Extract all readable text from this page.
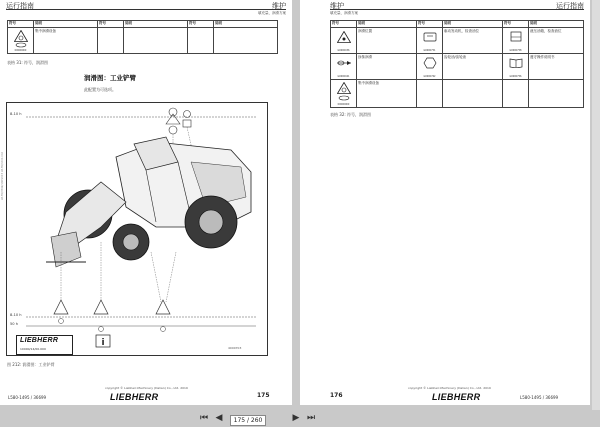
运行指南	维护
填充量、润滑方案
符号	说明	符号	说明	符号	说明

00000000	集中润滑设备				
表格 31: 符号，润滑图
润滑图：工业铲臂
此配置为可选项。
8-10 h
8-10 h
50 h
i
LIEBHERR
10000/14/00.000	4000703
图 212: 润滑图：工业铲臂
copyright © Liebherr-Machinery (Dalian) Co., Ltd. 2019
L580-1495 / 36699	LIEBHERR	175
LB-FR/3599/1/SE2015 LB-FR/3400-002
维护	运行指南
填充量、润滑方案
符号	说明	符号	说明	符号	说明

G0000036	润滑位置	G0000751	驱动发动机，检查油位	G0000758	液压油箱，检查油位

G0000041	涂抹润滑	G0000762	齿轮油/齿轮油	G0000756	遵守操作说明书

00000000	集中润滑设备				
表格 32: 符号，润滑图
copyright © Liebherr-Machinery (Dalian) Co., Ltd. 2019
176	LIEBHERR	L580-1495 / 36699
⏮ ◀	▶ ⏭
175 / 260
